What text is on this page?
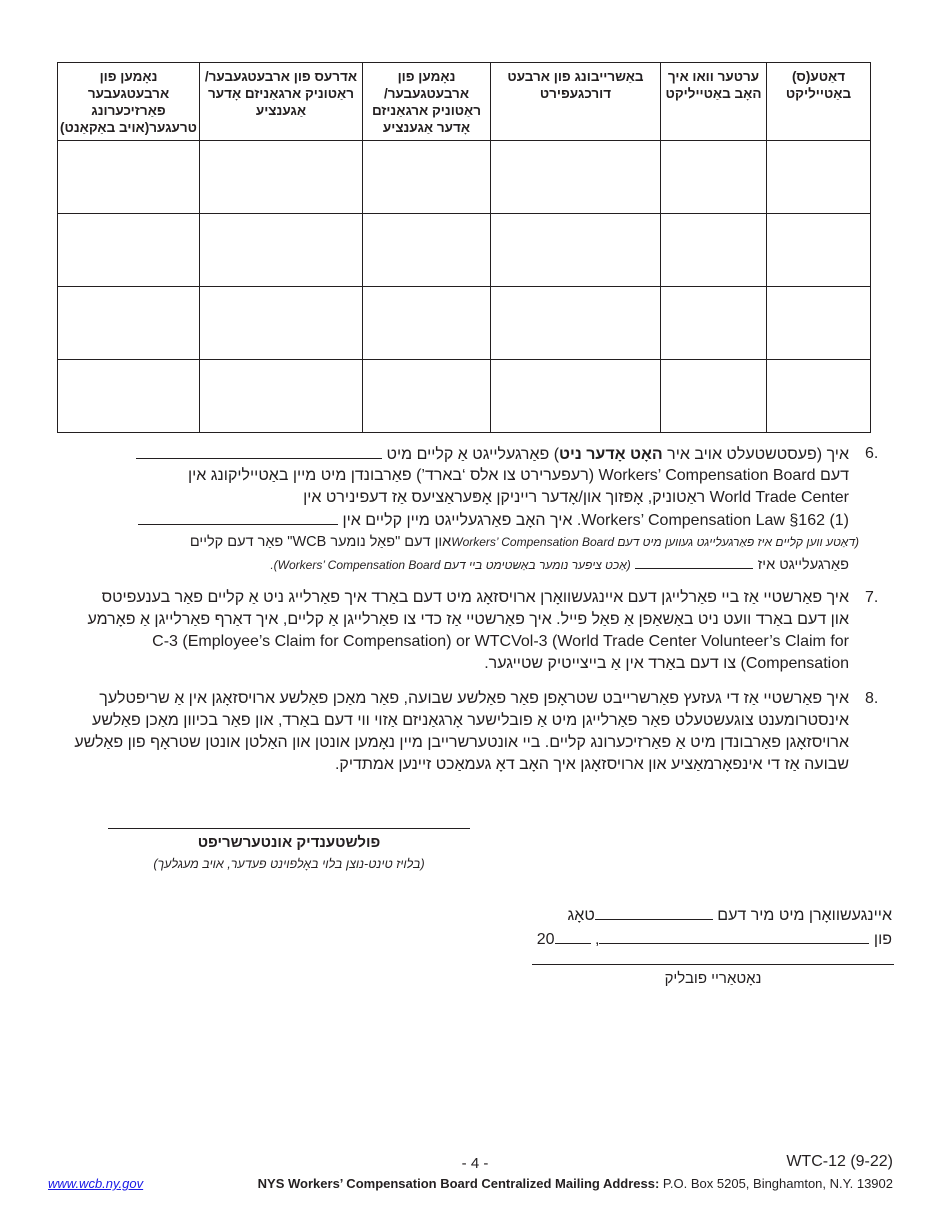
דאַטע(ס) באַטייליקט	ערטער וואו איך האָב באַטייליקט	באַשרייבונג פון ארבעט דורכגעפירט	נאָמען פון ארבעטגעבער/ ראַטוניק ארגאַניזם אָדער אַגענציע	אדרעס פון ארבעטגעבער/ ראַטוניק ארגאַניזם אָדער אַגענציע	נאָמען פון ארבעטגעבער פאַרזיכערונג טרעגער(אויב באַקאַנט)

6.
איך (פעסטשטעלט אויב איר האָט אָדער ניט) פאַרגעלייגט אַ קליים מיט
דעם Workers’ Compensation Board (רעפערירט צו אלס ‘בארד’) פאַרבונדן מיט מיין באַטייליקונג אין
World Trade Center ראַטוניק, אָפּזוך און/אָדער רייניקן אָפּעראַציעס אַז דעפינירט אין
Workers’ Compensation Law §162 (1). איך האָב פאַרגעלייגט מיין קליים אין
(דאַטע ווען קליים איז פאַרגעלייגט געווען מיט דעם Workers’ Compensation Boardאון דעם "פאַל נומער WCB" פאַר דעם קליים
פאַרגעלייגט איז  (אַכט ציפער נומער באַשטימט ביי דעם Workers’ Compensation Board).
7.
איך פאַרשטיי אַז ביי פאַרלייגן דעם איינגעשוואָרן ארויסזאָג מיט דעם באַרד איך פאַרלייג ניט אַ קליים פאַר בענעפיטס
און דעם באַרד וועט ניט באַשאַפן אַ פאַל פייל. איך פאַרשטיי אַז כדי צו פאַרלייגן אַ קליים, איך דאַרף פאַרלייגן אַ פאָרמע
C-3 (Employee’s Claim for Compensation) or WTCVol-3 (World Trade Center Volunteer’s Claim for
Compensation) צו דעם באַרד אין אַ בייצייטיק שטייגער.
8.
איך פאַרשטיי אַז די געזעץ פאַרשרייבט שטראָפן פאַר פאַלשע שבועה, פאַר מאַכן פאַלשע ארויסזאָגן אין אַ שריפטלעך
אינסטרומענט צוגעשטעלט פאַר פאַרלייגן מיט אַ פובלישער אָרגאַניזם אַזוי ווי דעם באַרד, און פאַר בכיוון מאַכן פאַלשע
ארויסזאָגן פאַרבונדן מיט אַ פאַרזיכערונג קליים. ביי אונטערשרייבן מיין נאָמען אונטן און האַלטן אונטן שטראָף פון פאַלשע
שבועה אַז די אינפאָרמאַציע און ארויסזאָגן איך האָב דאָ געמאַכט זיינען אמתדיק.
פולשטענדיק אונטערשריפט
(בלויז טינט-נוצן בלוי באָלפוינט פעדער, אויב מעגלעך)
איינגעשוואָרן מיט מיר דעם טאָג
פון , 20
נאָטאַריי פובליק
- 4 -	WTC-12 (9-22)
www.wcb.ny.gov	NYS Workers’ Compensation Board Centralized Mailing Address: P.O. Box 5205, Binghamton, N.Y. 13902
